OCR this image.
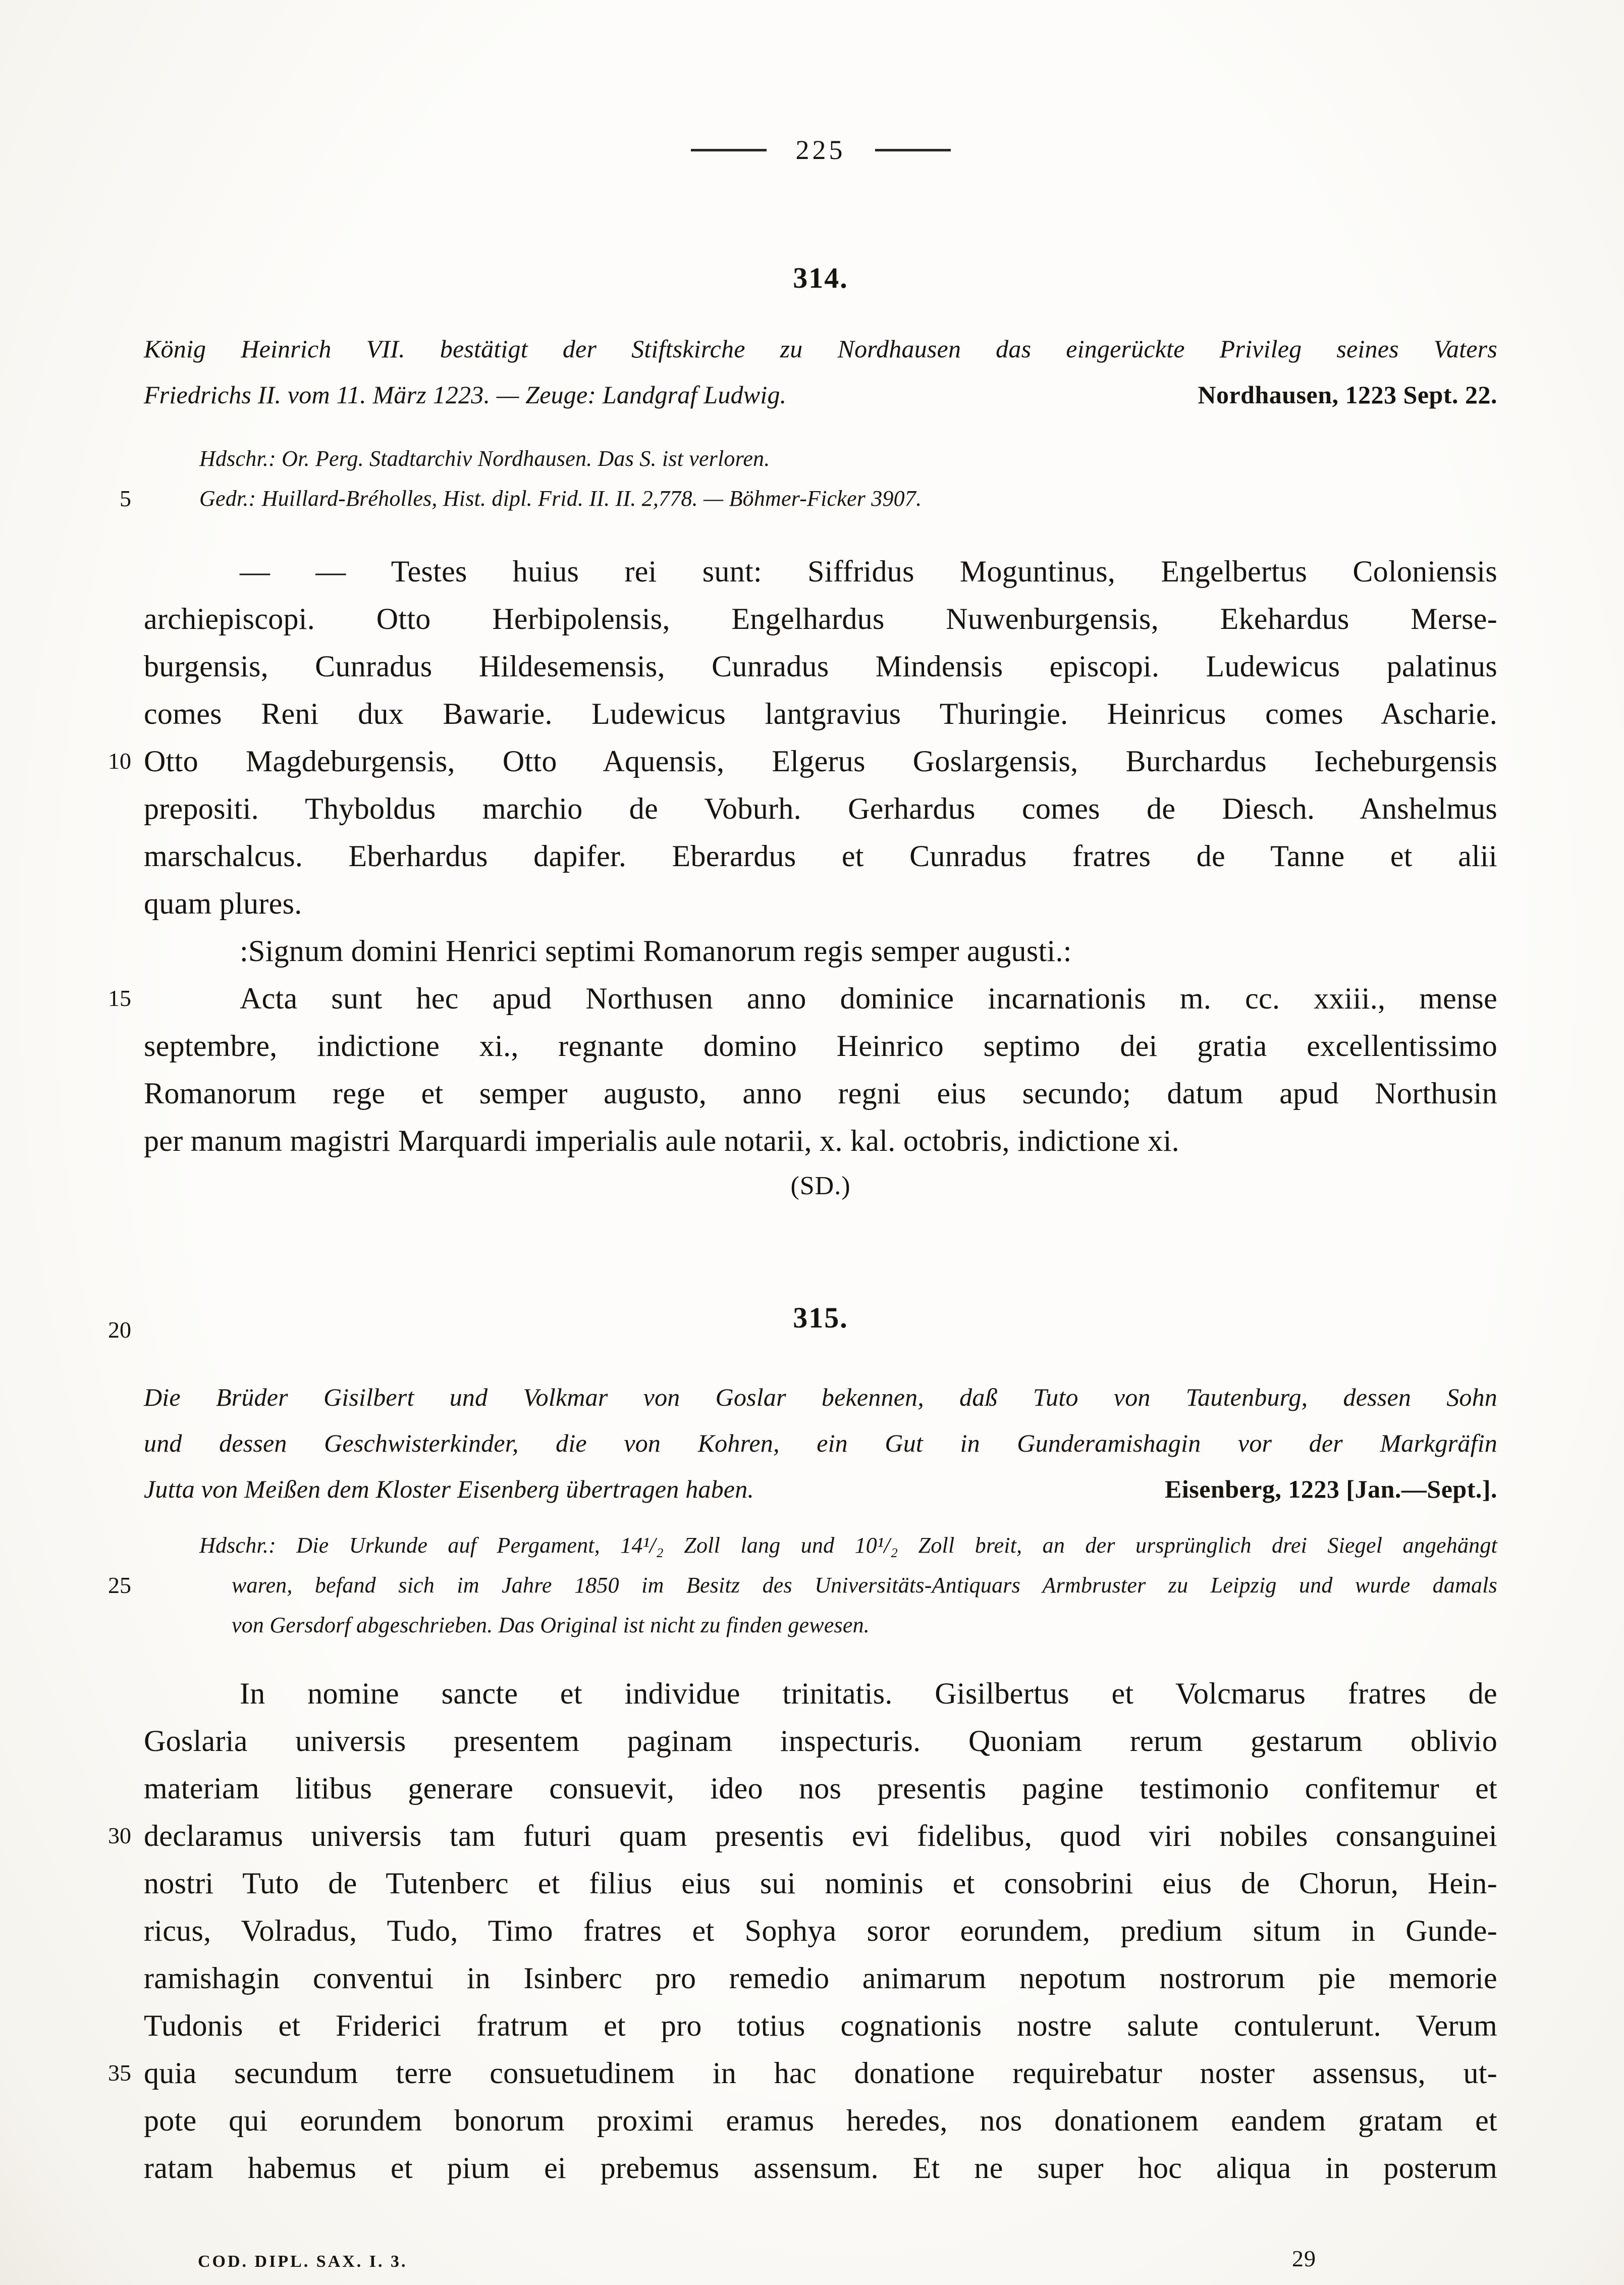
225
5
10
15
20
25
30
35
314.
König Heinrich VII. bestätigt der Stiftskirche zu Nordhausen das eingerückte Privileg seines Vaters
Friedrichs II. vom 11. März 1223. — Zeuge: Landgraf Ludwig.	Nordhausen, 1223 Sept. 22.
Hdschr.: Or. Perg. Stadtarchiv Nordhausen. Das S. ist verloren.
Gedr.: Huillard-Bréholles, Hist. dipl. Frid. II. II. 2,778. — Böhmer-Ficker 3907.
— — Testes huius rei sunt: Siffridus Moguntinus, Engelbertus Coloniensis
archiepiscopi. Otto Herbipolensis, Engelhardus Nuwenburgensis, Ekehardus Merse-
burgensis, Cunradus Hildesemensis, Cunradus Mindensis episcopi. Ludewicus palatinus
comes Reni dux Bawarie. Ludewicus lantgravius Thuringie. Heinricus comes Ascharie.
Otto Magdeburgensis, Otto Aquensis, Elgerus Goslargensis, Burchardus Iecheburgensis
prepositi. Thyboldus marchio de Voburh. Gerhardus comes de Diesch. Anshelmus
marschalcus. Eberhardus dapifer. Eberardus et Cunradus fratres de Tanne et alii
quam plures.
:Signum domini Henrici septimi Romanorum regis semper augusti.:
Acta sunt hec apud Northusen anno dominice incarnationis m. cc. xxiii., mense
septembre, indictione xi., regnante domino Heinrico septimo dei gratia excellentissimo
Romanorum rege et semper augusto, anno regni eius secundo; datum apud Northusin
per manum magistri Marquardi imperialis aule notarii, x. kal. octobris, indictione xi.
(SD.)
315.
Die Brüder Gisilbert und Volkmar von Goslar bekennen, daß Tuto von Tautenburg, dessen Sohn
und dessen Geschwisterkinder, die von Kohren, ein Gut in Gunderamishagin vor der Markgräfin
Jutta von Meißen dem Kloster Eisenberg übertragen haben.	Eisenberg, 1223 [Jan.—Sept.].
Hdschr.: Die Urkunde auf Pergament, 14¹/₂ Zoll lang und 10¹/₂ Zoll breit, an der ursprünglich drei Siegel angehängt
waren, befand sich im Jahre 1850 im Besitz des Universitäts-Antiquars Armbruster zu Leipzig und wurde damals
von Gersdorf abgeschrieben. Das Original ist nicht zu finden gewesen.
In nomine sancte et individue trinitatis. Gisilbertus et Volcmarus fratres de
Goslaria universis presentem paginam inspecturis. Quoniam rerum gestarum oblivio
materiam litibus generare consuevit, ideo nos presentis pagine testimonio confitemur et
declaramus universis tam futuri quam presentis evi fidelibus, quod viri nobiles consanguinei
nostri Tuto de Tutenberc et filius eius sui nominis et consobrini eius de Chorun, Hein-
ricus, Volradus, Tudo, Timo fratres et Sophya soror eorundem, predium situm in Gunde-
ramishagin conventui in Isinberc pro remedio animarum nepotum nostrorum pie memorie
Tudonis et Friderici fratrum et pro totius cognationis nostre salute contulerunt. Verum
quia secundum terre consuetudinem in hac donatione requirebatur noster assensus, ut-
pote qui eorundem bonorum proximi eramus heredes, nos donationem eandem gratam et
ratam habemus et pium ei prebemus assensum. Et ne super hoc aliqua in posterum
COD. DIPL. SAX. I. 3.	29
